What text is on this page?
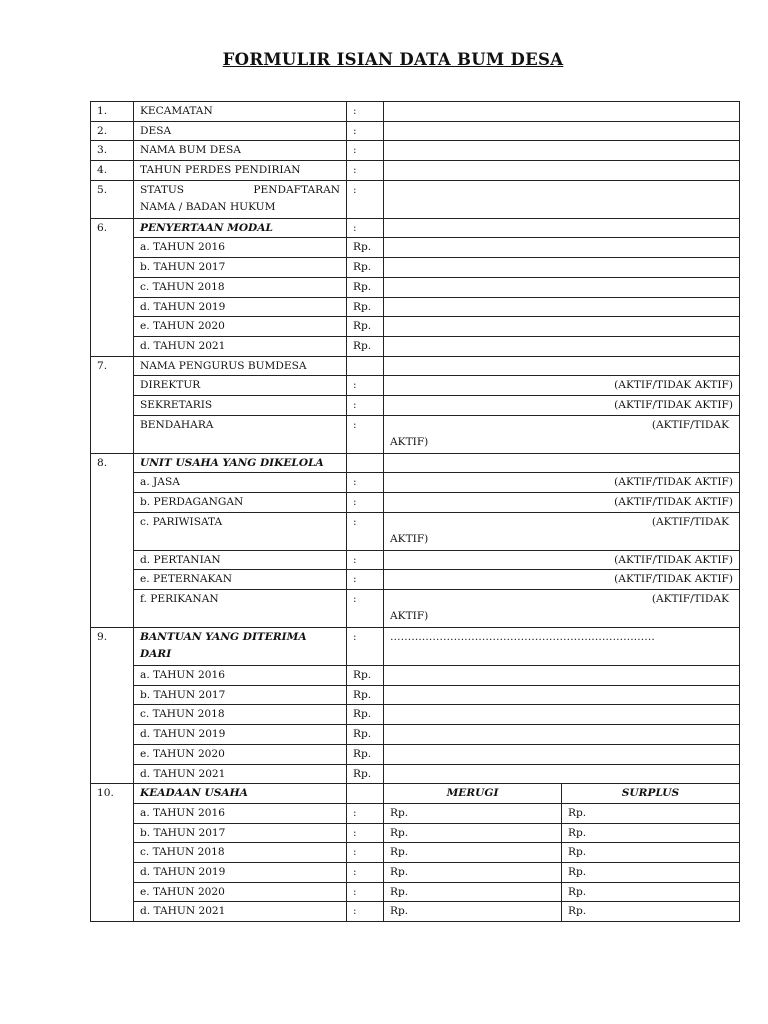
FORMULIR ISIAN DATA BUM DESA
1.	KECAMATAN	:		
2.	DESA	:		
3.	NAMA BUM DESA	:		
4.	TAHUN PERDES PENDIRIAN	:		
5.	STATUS PENDAFTARAN
NAMA / BADAN HUKUM	:		
6.	PENYERTAAN MODAL	:		
	a. TAHUN 2016	Rp.		
	b. TAHUN 2017	Rp.		
	c. TAHUN 2018	Rp.		
	d. TAHUN 2019	Rp.		
	e. TAHUN 2020	Rp.		
	d. TAHUN 2021	Rp.		
7.	NAMA PENGURUS BUMDESA			
	DIREKTUR	:	(AKTIF/TIDAK AKTIF)	
	SEKRETARIS	:	(AKTIF/TIDAK AKTIF)	
	BENDAHARA	:	(AKTIF/TIDAK
AKTIF)	

8.	UNIT USAHA YANG DIKELOLA			
	a. JASA	:	(AKTIF/TIDAK AKTIF)	
	b. PERDAGANGAN	:	(AKTIF/TIDAK AKTIF)	
	c. PARIWISATA	:	(AKTIF/TIDAK
AKTIF)	

	d. PERTANIAN	:	(AKTIF/TIDAK AKTIF)	
	e. PETERNAKAN	:	(AKTIF/TIDAK AKTIF)	
	f. PERIKANAN	:	(AKTIF/TIDAK
AKTIF)	

9.	BANTUAN YANG DITERIMA
DARI	:	…………………………………………………………………	
	a. TAHUN 2016	Rp.		
	b. TAHUN 2017	Rp.		
	c. TAHUN 2018	Rp.		
	d. TAHUN 2019	Rp.		
	e. TAHUN 2020	Rp.		
	d. TAHUN 2021	Rp.		
10.	KEADAAN USAHA		MERUGI	SURPLUS
	a. TAHUN 2016	:	Rp.	Rp.
	b. TAHUN 2017	:	Rp.	Rp.
	c. TAHUN 2018	:	Rp.	Rp.
	d. TAHUN 2019	:	Rp.	Rp.
	e. TAHUN 2020	:	Rp.	Rp.
	d. TAHUN 2021	:	Rp.	Rp.
